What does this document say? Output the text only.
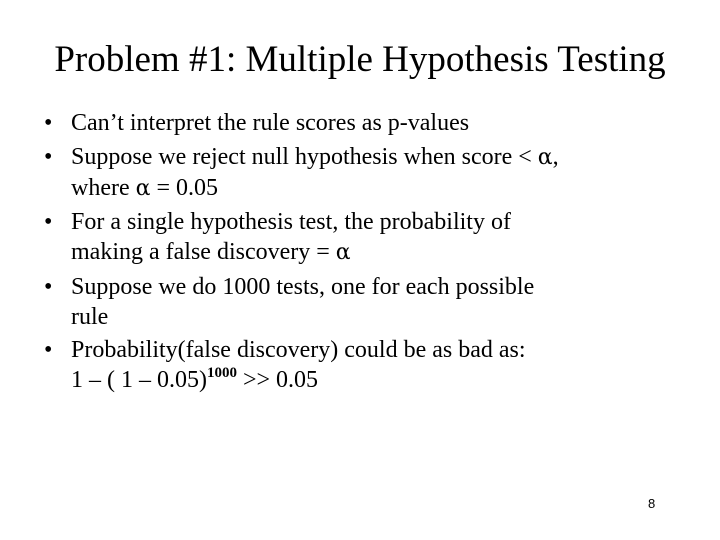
Problem #1: Multiple Hypothesis Testing
• Can’t interpret the rule scores as p-values
• Suppose we reject null hypothesis when score < α,
where α = 0.05
• For a single hypothesis test, the probability of
making a false discovery = α
• Suppose we do 1000 tests, one for each possible
rule
• Probability(false discovery) could be as bad as:
1 – ( 1 – 0.05)$^{1000}$ >> 0.05
8
